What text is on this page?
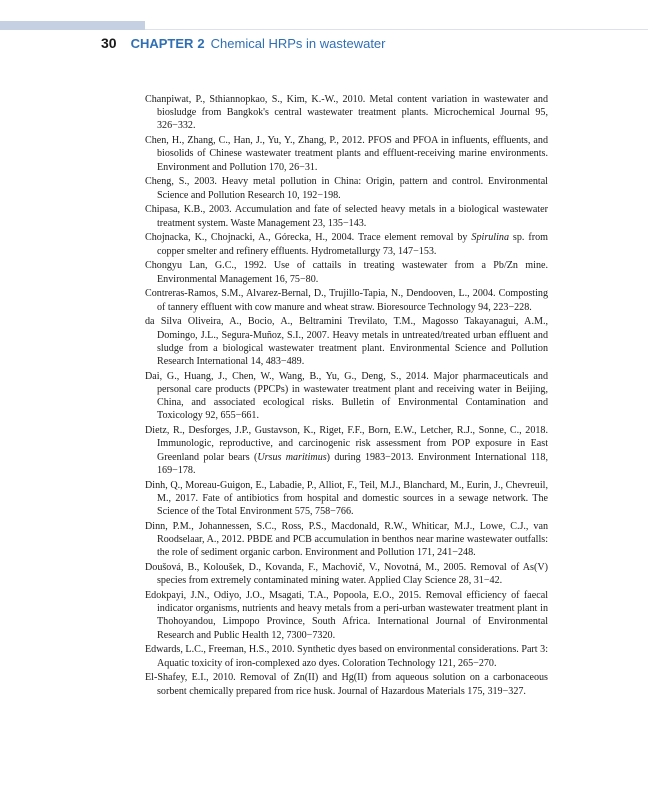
30 CHAPTER 2 Chemical HRPs in wastewater

Chanpiwat, P., Sthiannopkao, S., Kim, K.-W., 2010. Metal content variation in wastewater and biosludge from Bangkok's central wastewater treatment plants. Microchemical Journal 95, 326−332.

Chen, H., Zhang, C., Han, J., Yu, Y., Zhang, P., 2012. PFOS and PFOA in influents, effluents, and biosolids of Chinese wastewater treatment plants and effluent-receiving marine environments. Environment and Pollution 170, 26−31.

Cheng, S., 2003. Heavy metal pollution in China: Origin, pattern and control. Environmental Science and Pollution Research 10, 192−198.

Chipasa, K.B., 2003. Accumulation and fate of selected heavy metals in a biological wastewater treatment system. Waste Management 23, 135−143.

Chojnacka, K., Chojnacki, A., Górecka, H., 2004. Trace element removal by Spirulina sp. from copper smelter and refinery effluents. Hydrometallurgy 73, 147−153.

Chongyu Lan, G.C., 1992. Use of cattails in treating wastewater from a Pb/Zn mine. Environmental Management 16, 75−80.

Contreras-Ramos, S.M., Alvarez-Bernal, D., Trujillo-Tapia, N., Dendooven, L., 2004. Composting of tannery effluent with cow manure and wheat straw. Bioresource Technology 94, 223−228.

da Silva Oliveira, A., Bocio, A., Beltramini Trevilato, T.M., Magosso Takayanagui, A.M., Domingo, J.L., Segura-Muñoz, S.I., 2007. Heavy metals in untreated/treated urban effluent and sludge from a biological wastewater treatment plant. Environmental Science and Pollution Research International 14, 483−489.

Dai, G., Huang, J., Chen, W., Wang, B., Yu, G., Deng, S., 2014. Major pharmaceuticals and personal care products (PPCPs) in wastewater treatment plant and receiving water in Beijing, China, and associated ecological risks. Bulletin of Environmental Contamination and Toxicology 92, 655−661.

Dietz, R., Desforges, J.P., Gustavson, K., Riget, F.F., Born, E.W., Letcher, R.J., Sonne, C., 2018. Immunologic, reproductive, and carcinogenic risk assessment from POP exposure in East Greenland polar bears (Ursus maritimus) during 1983−2013. Environment International 118, 169−178.

Dinh, Q., Moreau-Guigon, E., Labadie, P., Alliot, F., Teil, M.J., Blanchard, M., Eurin, J., Chevreuil, M., 2017. Fate of antibiotics from hospital and domestic sources in a sewage network. The Science of the Total Environment 575, 758−766.

Dinn, P.M., Johannessen, S.C., Ross, P.S., Macdonald, R.W., Whiticar, M.J., Lowe, C.J., van Roodselaar, A., 2012. PBDE and PCB accumulation in benthos near marine wastewater outfalls: the role of sediment organic carbon. Environment and Pollution 171, 241−248.

Doušová, B., Koloušek, D., Kovanda, F., Machovič, V., Novotná, M., 2005. Removal of As(V) species from extremely contaminated mining water. Applied Clay Science 28, 31−42.

Edokpayi, J.N., Odiyo, J.O., Msagati, T.A., Popoola, E.O., 2015. Removal efficiency of faecal indicator organisms, nutrients and heavy metals from a peri-urban wastewater treatment plant in Thohoyandou, Limpopo Province, South Africa. International Journal of Environmental Research and Public Health 12, 7300−7320.

Edwards, L.C., Freeman, H.S., 2010. Synthetic dyes based on environmental considerations. Part 3: Aquatic toxicity of iron-complexed azo dyes. Coloration Technology 121, 265−270.

El-Shafey, E.I., 2010. Removal of Zn(II) and Hg(II) from aqueous solution on a carbonaceous sorbent chemically prepared from rice husk. Journal of Hazardous Materials 175, 319−327.
